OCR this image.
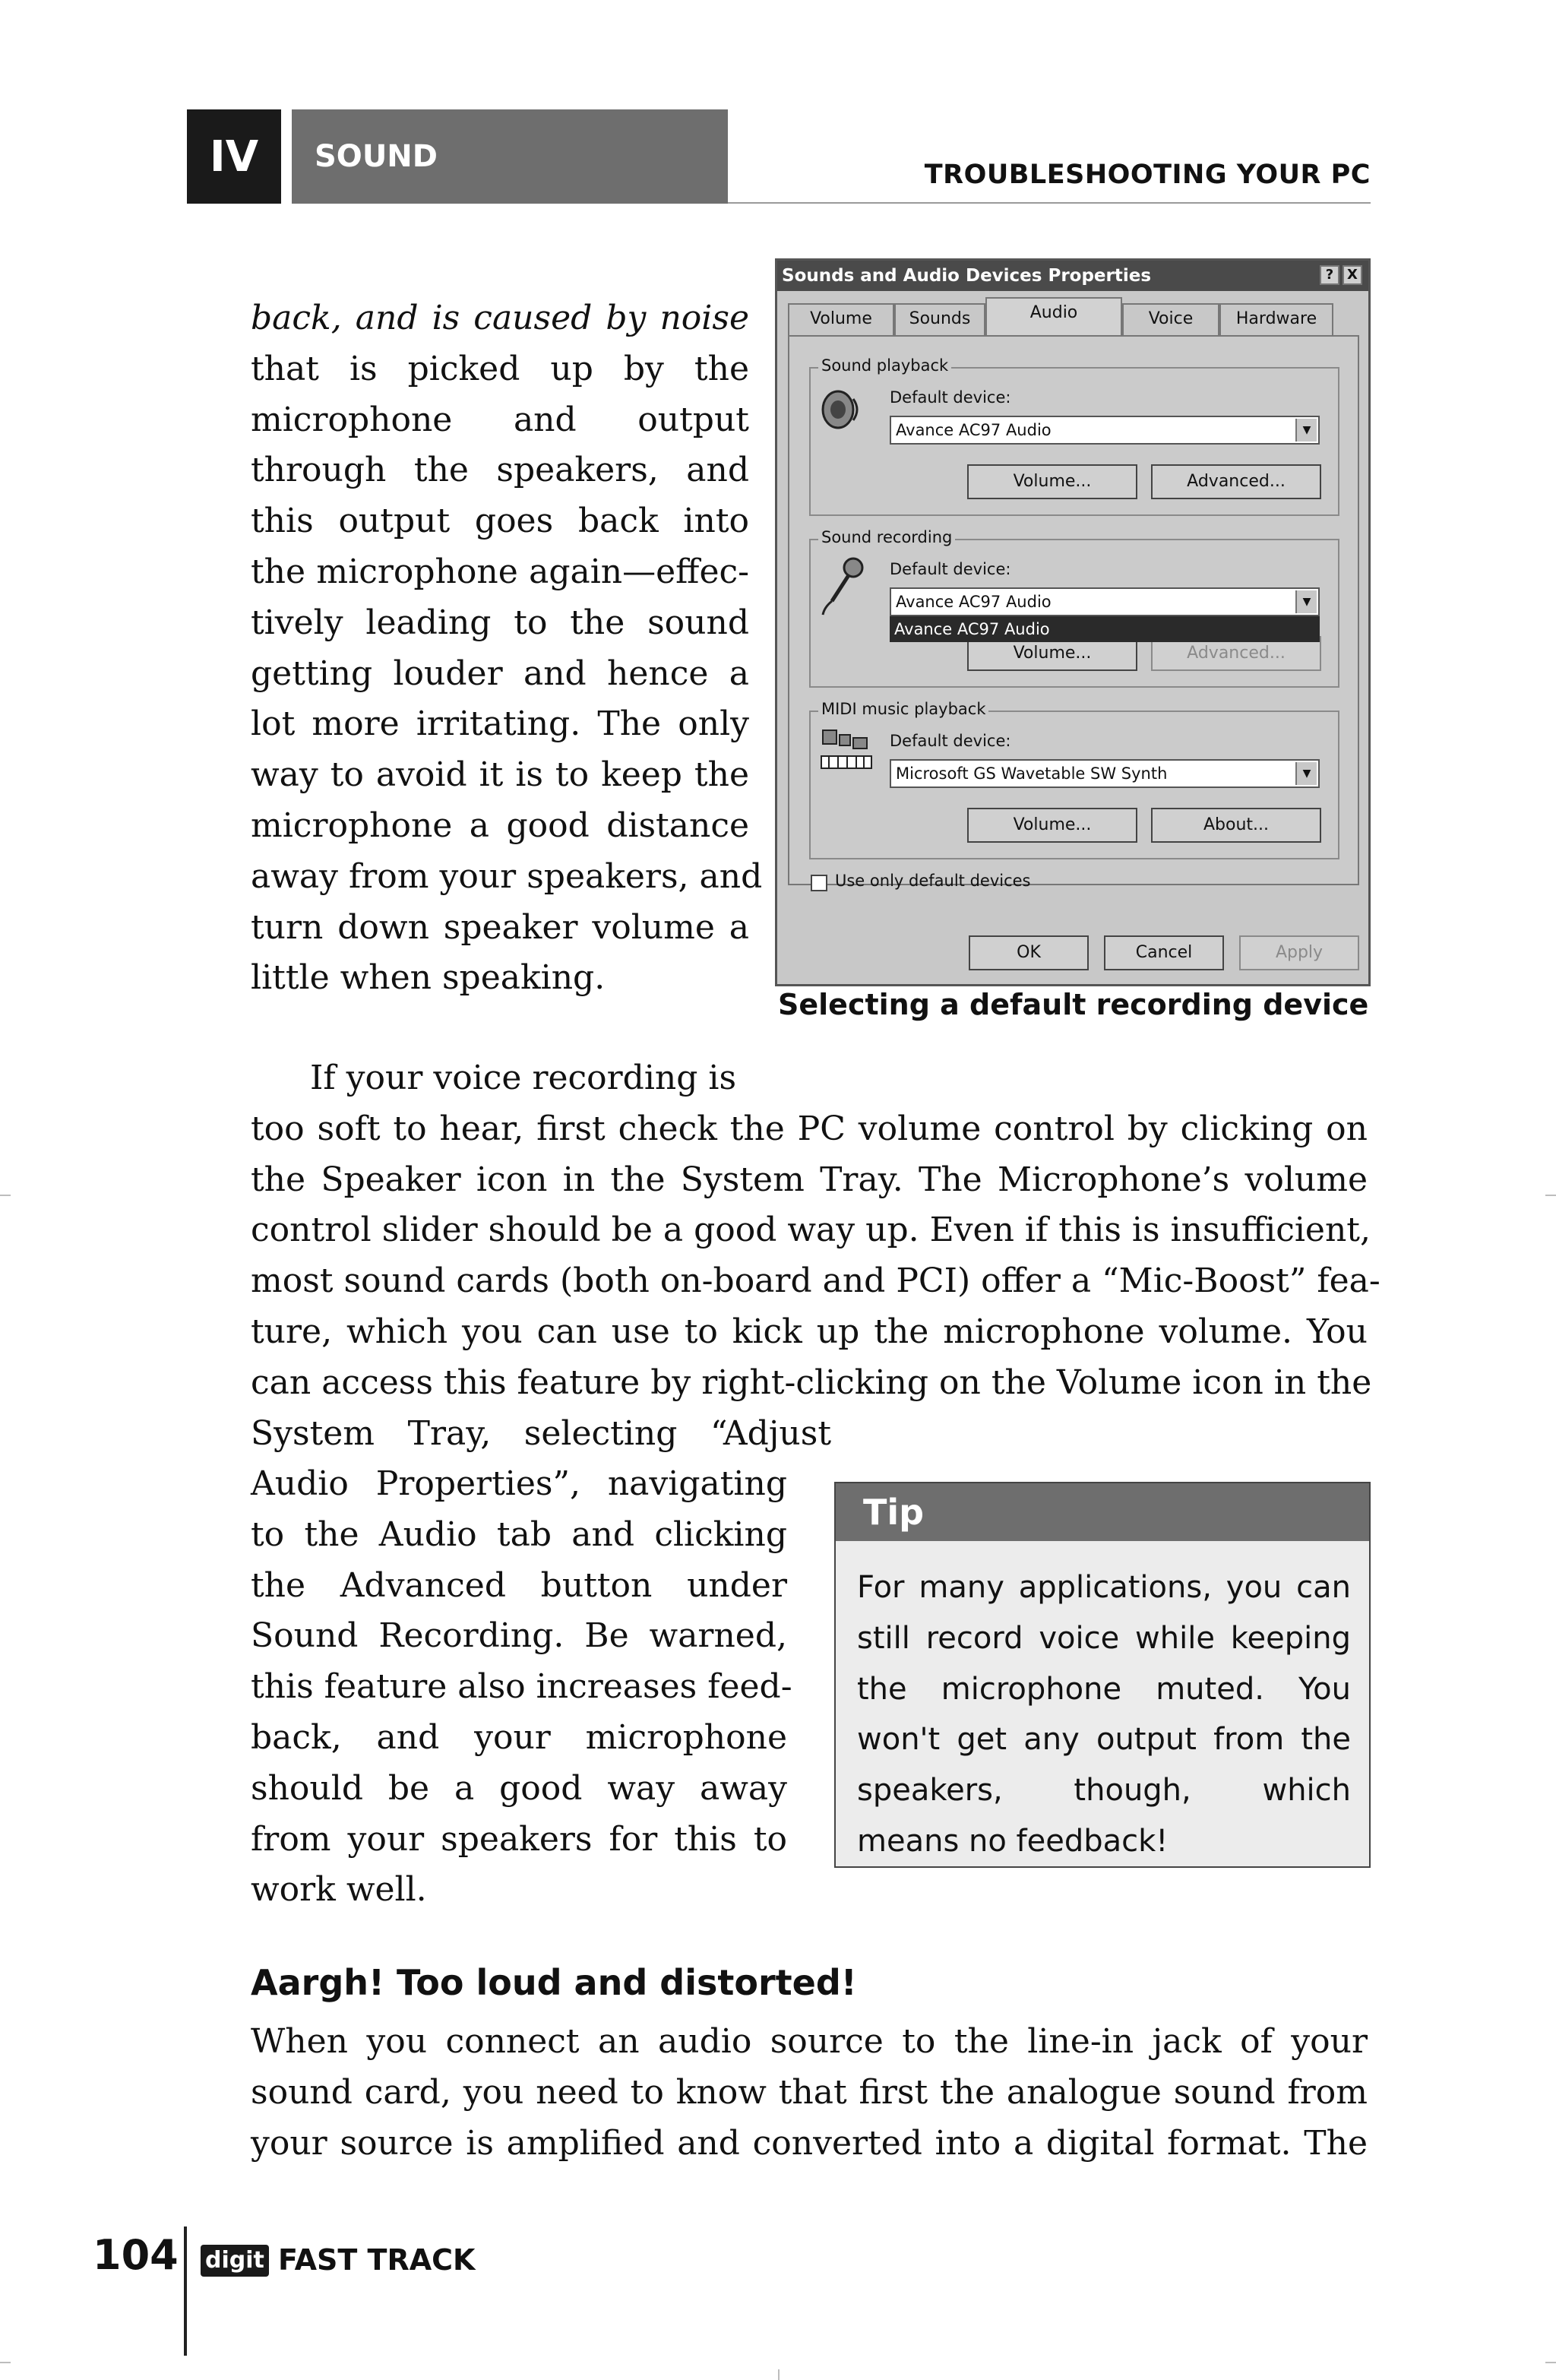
IV	SOUND
TROUBLESHOOTING YOUR PC
back, and is caused by noise
that is picked up by the
microphone and output
through the speakers, and
this output goes back into
the microphone again—effec-
tively leading to the sound
getting louder and hence a
lot more irritating. The only
way to avoid it is to keep the
microphone a good distance
away from your speakers, and
turn down speaker volume a
little when speaking.
Sounds and Audio Devices Properties	? X
Volume	Sounds	Audio	Voice	Hardware
Sound playback
Default device:
Avance AC97 Audio	▼
Volume...	Advanced...
Sound recording
Default device:
Avance AC97 Audio	▼
Volume...	Advanced...
Avance AC97 Audio
MIDI music playback
Default device:
Microsoft GS Wavetable SW Synth	▼
Volume...	About...
Use only default devices
OK	Cancel	Apply
Selecting a default recording device
If your voice recording is
too soft to hear, first check the PC volume control by clicking on
the Speaker icon in the System Tray. The Microphone’s volume
control slider should be a good way up. Even if this is insufficient,
most sound cards (both on-board and PCI) offer a “Mic-Boost” fea-
ture, which you can use to kick up the microphone volume. You
can access this feature by right-clicking on the Volume icon in the
System Tray, selecting “Adjust
Audio Properties”, navigating
to the Audio tab and clicking
the Advanced button under
Sound Recording. Be warned,
this feature also increases feed-
back, and your microphone
should be a good way away
from your speakers for this to
work well.
Tip
For many applications, you can
still record voice while keeping
the microphone muted. You
won't get any output from the
speakers, though, which
means no feedback!
Aargh! Too loud and distorted!
When you connect an audio source to the line-in jack of your
sound card, you need to know that first the analogue sound from
your source is amplified and converted into a digital format. The
104 digit FAST TRACK
